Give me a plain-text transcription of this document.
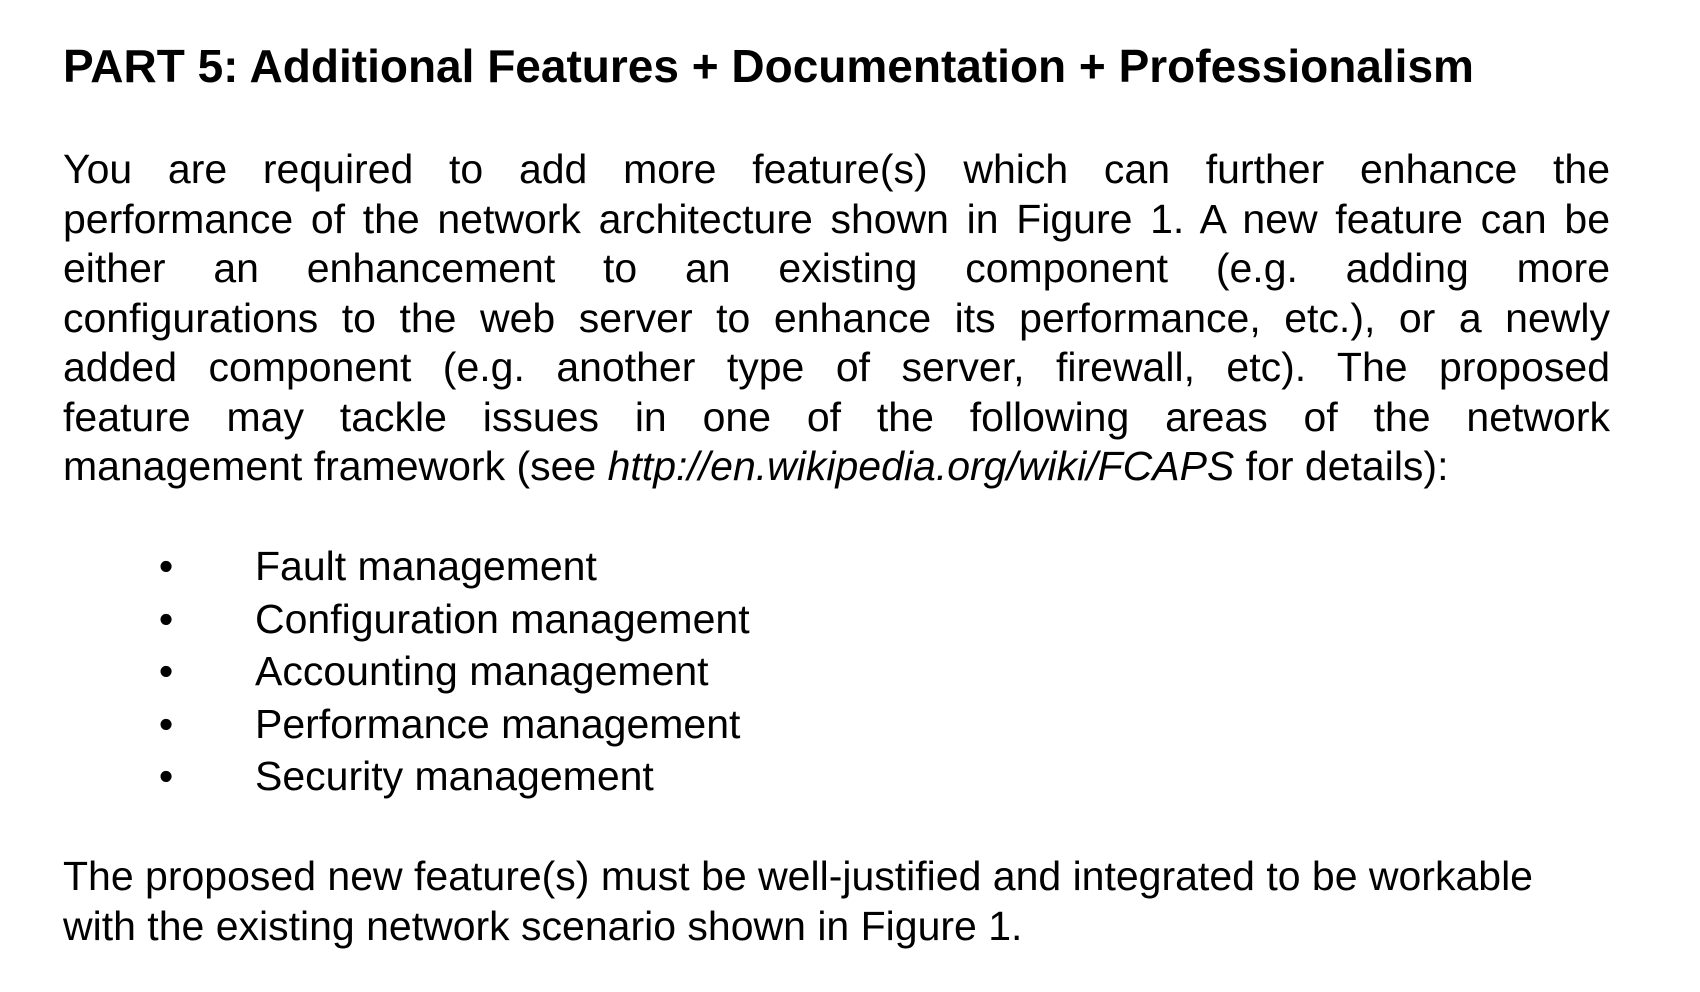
PART 5: Additional Features + Documentation + Professionalism
You are required to add more feature(s) which can further enhance the
performance of the network architecture shown in Figure 1. A new feature can be
either an enhancement to an existing component (e.g. adding more
configurations to the web server to enhance its performance, etc.), or a newly
added component (e.g. another type of server, firewall, etc). The proposed
feature may tackle issues in one of the following areas of the network
management framework (see http://en.wikipedia.org/wiki/FCAPS for details):
•	Fault management
•	Configuration management
•	Accounting management
•	Performance management
•	Security management
The proposed new feature(s) must be well-justified and integrated to be workable
with the existing network scenario shown in Figure 1.
